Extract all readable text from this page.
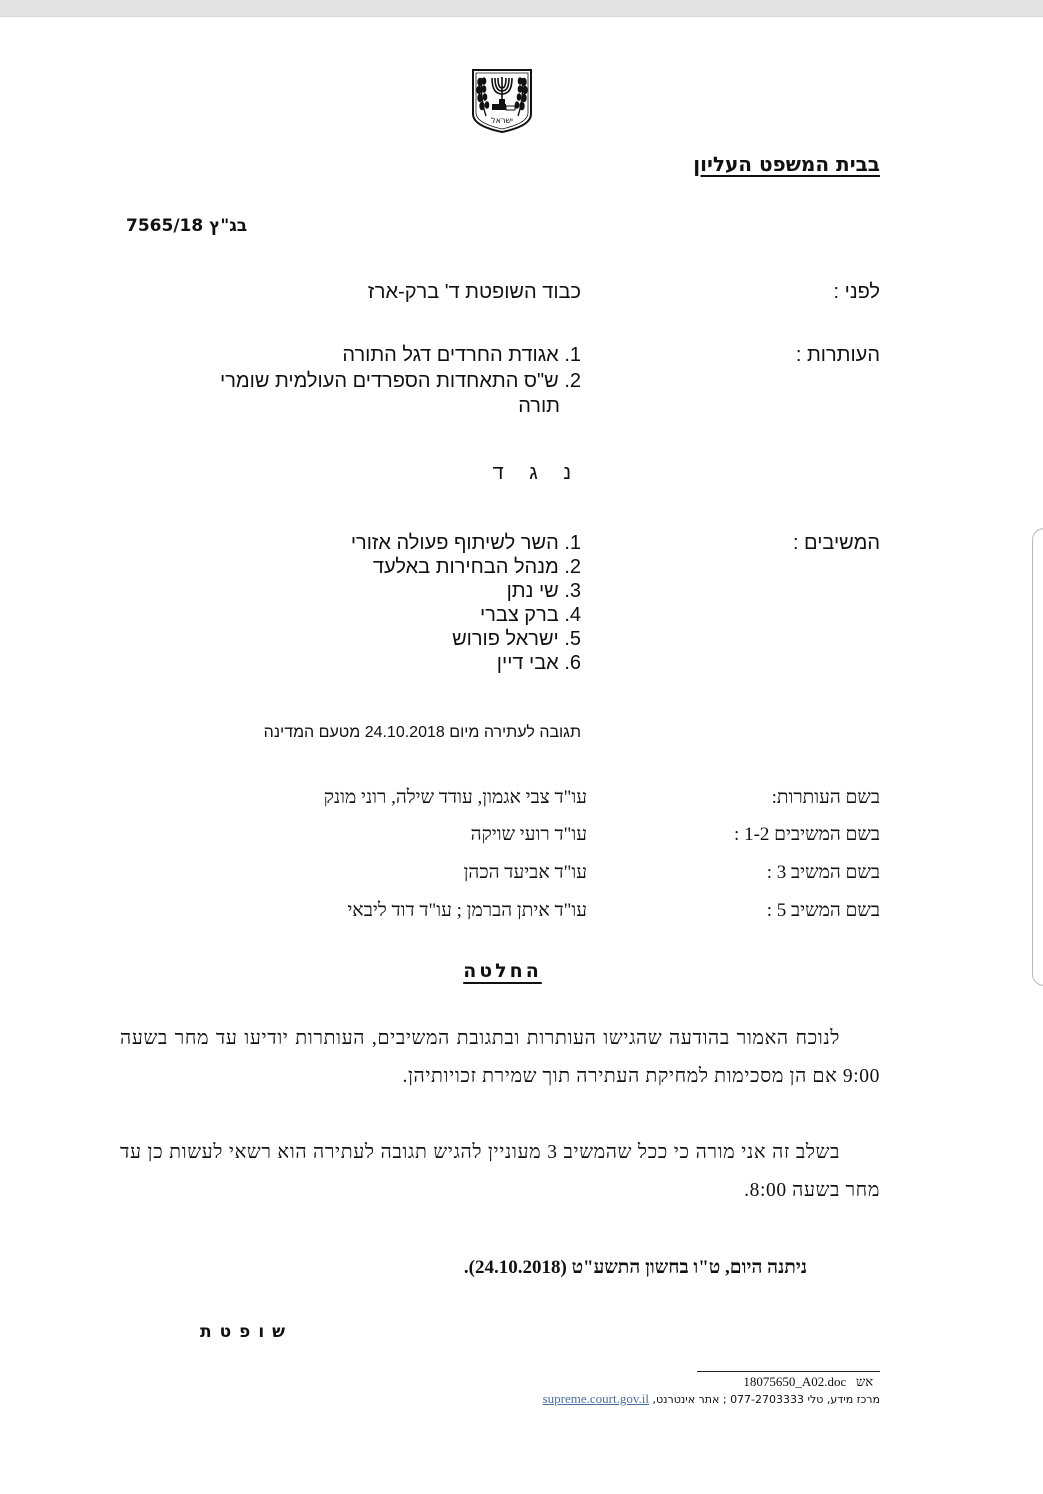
ישראל
בבית המשפט העליון
בג"ץ 7565/18
לפני :
כבוד השופטת ד' ברק-ארז
העותרות :
1. אגודת החרדים דגל התורה
2. ש"ס התאחדות הספרדים העולמית שומרי
תורה
נ ג ד
המשיבים :
1. השר לשיתוף פעולה אזורי
2. מנהל הבחירות באלעד
3. שי נתן
4. ברק צברי
5. ישראל פורוש
6. אבי דיין
תגובה לעתירה מיום 24.10.2018 מטעם המדינה
בשם העותרות:
עו"ד צבי אגמון, עודד שילה, רוני מונק
בשם המשיבים 1-2 :
עו"ד רועי שויקה
בשם המשיב 3 :
עו"ד אביעד הכהן
בשם המשיב 5 :
עו"ד איתן הברמן ; עו"ד דוד ליבאי
החלטה
לנוכח האמור בהודעה שהגישו העותרות ובתגובת המשיבים, העותרות יודיעו עד מחר בשעה 9:00 אם הן מסכימות למחיקת העתירה תוך שמירת זכויותיהן.
בשלב זה אני מורה כי ככל שהמשיב 3 מעוניין להגיש תגובה לעתירה הוא רשאי לעשות כן עד מחר בשעה 8:00.
ניתנה היום, ט"ו בחשון התשע"ט (24.10.2018).
שופטת
18075650_A02.doc אש
מרכז מידע, טלי 077-2703333 ; אתר אינטרנט, supreme.court.gov.il
